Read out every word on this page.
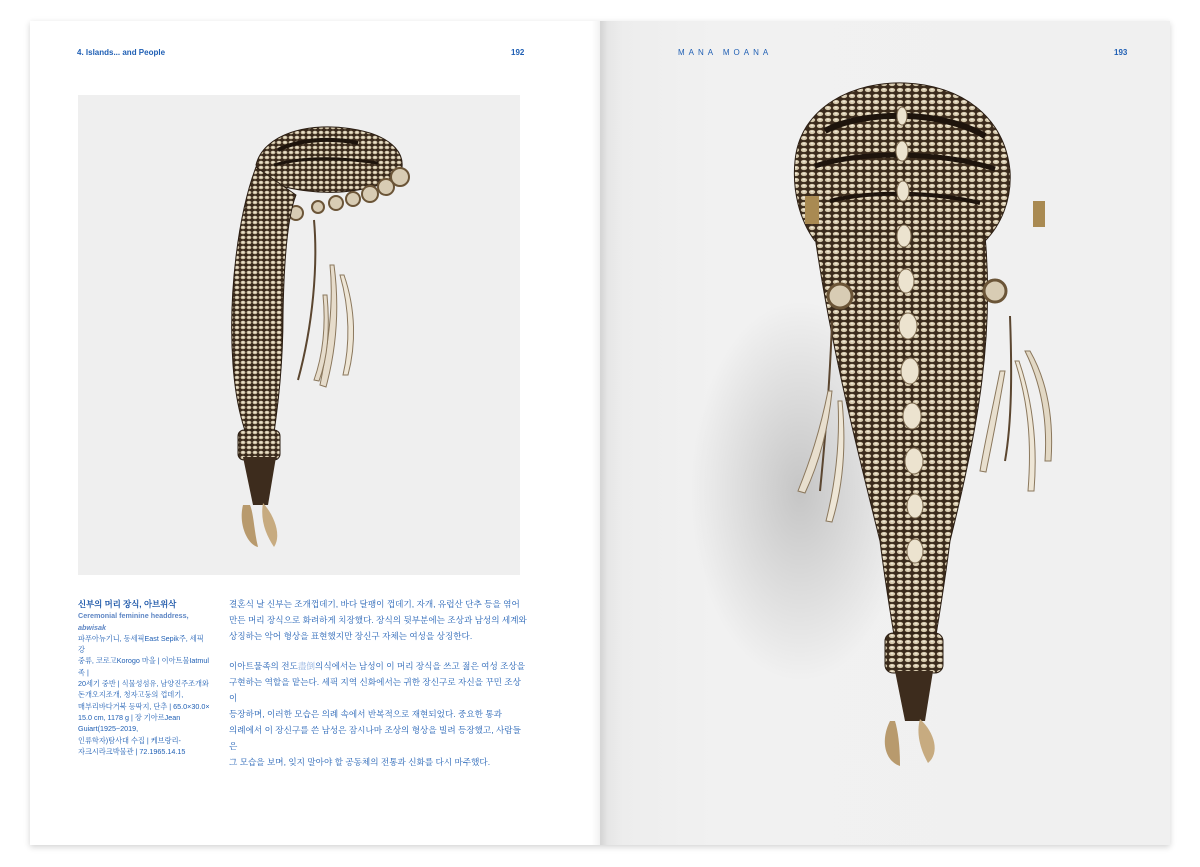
4. Islands... and People	192
신부의 머리 장식, 아브위삭
Ceremonial feminine headdress, abwisak
파푸아뉴기니, 동세픽East Sepik주, 세픽강
중류, 코로고Korogo 마을 | 이아트물Iatmul족 |
20세기 중반 | 식물성섬유, 남양진주조개와
돈개오지조개, 청자고둥의 껍데기,
매부리바다거북 등딱지, 단추 | 65.0×30.0×
15.0 cm, 1178 g | 장 기아르Jean Guiart(1925~2019,
인류학자)탐사대 수집 | 케브랑리-
자크시라크박물관 | 72.1965.14.15

결혼식 날 신부는 조개껍데기, 바다 달팽이 껍데기, 자개, 유럽산 단추 등을 엮어
만든 머리 장식으로 화려하게 치장했다. 장식의 뒷부분에는 조상과 남성의 세계와
상징하는 악어 형상을 표현했지만 장신구 자체는 여성을 상징한다.

이아트물족의 전도盡倒의식에서는 남성이 이 머리 장식을 쓰고 젊은 여성 조상을
구현하는 역할을 맡는다. 세픽 지역 신화에서는 귀한 장신구로 자신을 꾸민 조상이
등장하며, 이러한 모습은 의례 속에서 반복적으로 재현되었다. 중요한 통과
의례에서 이 장신구를 쓴 남성은 잠시나마 조상의 형상을 빌려 등장했고, 사람들은
그 모습을 보며, 잊지 말아야 할 공동체의 전통과 신화를 다시 마주했다.

MANA MOANA	193
